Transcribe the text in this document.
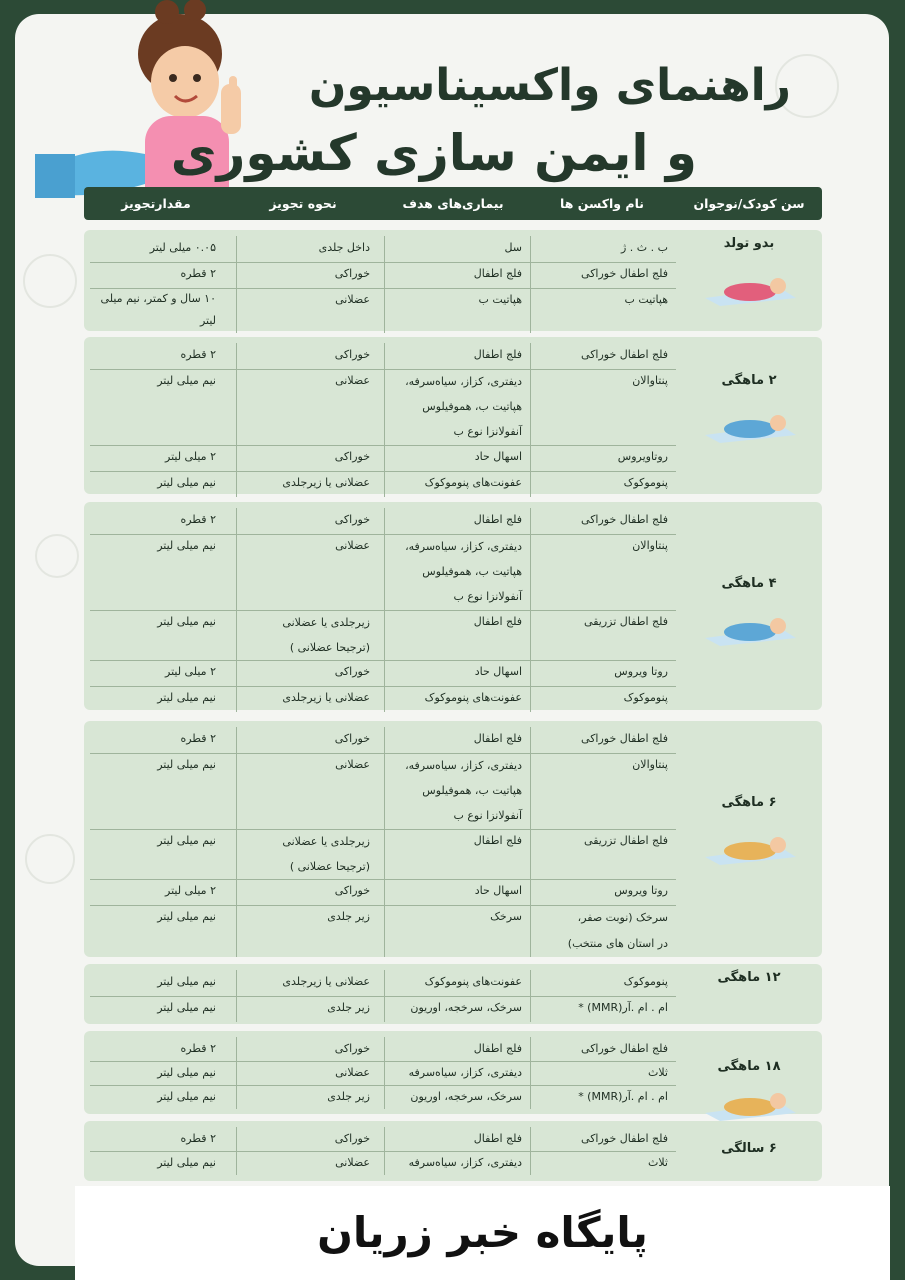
راهنمای واکسیناسیون
و ایمن سازی کشوری
سن کودک/نوجوان
نام واکسن ها
بیماری‌های هدف
نحوه تجویز
مقدارتجویز
بدو تولد
ب . ث . ژ
سل
داخل جلدی
۰.۰۵ میلی لیتر
فلج اطفال خوراکی
فلج اطفال
خوراکی
۲ قطره
هپاتیت ب
هپاتیت ب
عضلانی
۱۰ سال و کمتر، نیم میلی لیتر
۲ ماهگی
فلج اطفال خوراکی
فلج اطفال
خوراکی
۲ قطره
پنتاوالان
دیفتری، کزاز، سیاه‌سرفه،
هپاتیت ب، هموفیلوس
آنفولانزا نوع ب
عضلانی
نیم میلی لیتر
روتاویروس
اسهال حاد
خوراکی
۲ میلی لیتر
پنوموکوک
عفونت‌های پنوموکوک
عضلانی یا زیرجلدی
نیم میلی لیتر
۴ ماهگی
فلج اطفال خوراکی
فلج اطفال
خوراکی
۲ قطره
پنتاوالان
دیفتری، کزاز، سیاه‌سرفه،
هپاتیت ب، هموفیلوس
آنفولانزا نوع ب
عضلانی
نیم میلی لیتر
فلج اطفال تزریقی
فلج اطفال
زیرجلدی یا عضلانی
(ترجیحا عضلانی )
نیم میلی لیتر
روتا ویروس
اسهال حاد
خوراکی
۲ میلی لیتر
پنوموکوک
عفونت‌های پنوموکوک
عضلانی یا زیرجلدی
نیم میلی لیتر
۶ ماهگی
فلج اطفال خوراکی
فلج اطفال
خوراکی
۲ قطره
پنتاوالان
دیفتری، کزاز، سیاه‌سرفه،
هپاتیت ب، هموفیلوس
آنفولانزا نوع ب
عضلانی
نیم میلی لیتر
فلج اطفال تزریقی
فلج اطفال
زیرجلدی یا عضلانی
(ترجیحا عضلانی )
نیم میلی لیتر
روتا ویروس
اسهال حاد
خوراکی
۲ میلی لیتر
سرخک (نوبت صفر،
در استان های منتخب)
سرخک
زیر جلدی
نیم میلی لیتر
۱۲ ماهگی
پنوموکوک
عفونت‌های پنوموکوک
عضلانی یا زیرجلدی
نیم میلی لیتر
ام . ام .آر(MMR) *
سرخک، سرخجه، اوریون
زیر جلدی
نیم میلی لیتر
۱۸ ماهگی
فلج اطفال خوراکی
فلج اطفال
خوراکی
۲ قطره
ثلاث
دیفتری، کزاز، سیاه‌سرفه
عضلانی
نیم میلی لیتر
ام . ام .آر(MMR) *
سرخک، سرخجه، اوریون
زیر جلدی
نیم میلی لیتر
۶ سالگی
فلج اطفال خوراکی
فلج اطفال
خوراکی
۲ قطره
ثلاث
دیفتری، کزاز، سیاه‌سرفه
عضلانی
نیم میلی لیتر
پایگاه خبر زریان
